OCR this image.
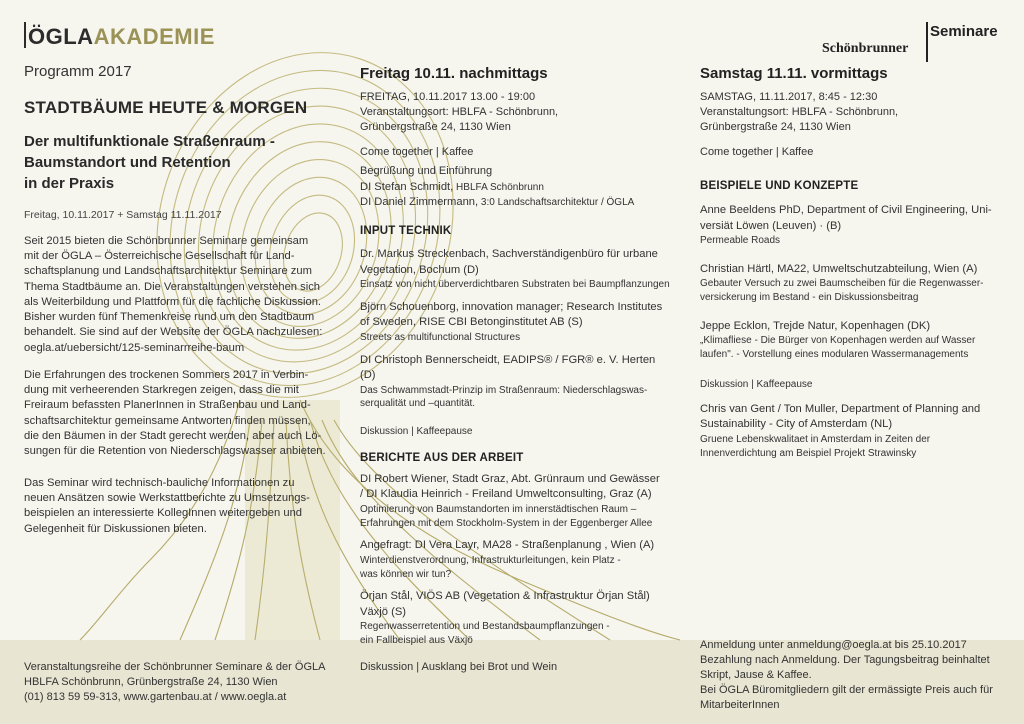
ÖGLAAKADEMIE
Programm 2017
STADTBÄUME HEUTE & MORGEN
Der multifunktionale Straßenraum -
Baumstandort und Retention
in der Praxis
Freitag, 10.11.2017 + Samstag 11.11.2017
Seit 2015 bieten die Schönbrunner Seminare gemeinsam
mit der ÖGLA – Österreichische Gesellschaft für Land-
schaftsplanung und Landschaftsarchitektur Seminare zum
Thema Stadtbäume an. Die Veranstaltungen verstehen sich
als Weiterbildung und Plattform für die fachliche Diskussion.
Bisher wurden fünf Themenkreise rund um den Stadtbaum
behandelt. Sie sind auf der Website der ÖGLA nachzulesen:
oegla.at/uebersicht/125-seminarrreihe-baum
Die Erfahrungen des trockenen Sommers 2017 in Verbin-
dung mit verheerenden Starkregen zeigen, dass die mit
Freiraum befassten PlanerInnen in Straßenbau und Land-
schaftsarchitektur gemeinsame Antworten finden müssen,
die den Bäumen in der Stadt gerecht werden, aber auch Lö-
sungen für die Retention von Niederschlagswasser anbieten.
Das Seminar wird technisch-bauliche Informationen zu
neuen Ansätzen sowie Werkstattberichte zu Umsetzungs-
beispielen an interessierte KollegInnen weitergeben und
Gelegenheit für Diskussionen bieten.
Veranstaltungsreihe der Schönbrunner Seminare & der ÖGLA
HBLFA Schönbrunn, Grünbergstraße 24, 1130 Wien
(01) 813 59 59-313, www.gartenbau.at / www.oegla.at
Freitag 10.11. nachmittags
FREITAG, 10.11.2017 13.00 - 19:00
Veranstaltungsort: HBLFA - Schönbrunn,
Grünbergstraße 24, 1130 Wien
Come together | Kaffee
Begrüßung und Einführung
DI Stefan Schmidt, HBLFA Schönbrunn
DI Daniel Zimmermann, 3:0 Landschaftsarchitektur / ÖGLA
INPUT TECHNIK
Dr. Markus Streckenbach, Sachverständigenbüro für urbane
Vegetation, Bochum (D)
Einsatz von nicht überverdichtbaren Substraten bei Baumpflanzungen
Björn Schouenborg, innovation manager; Research Institutes
of Sweden, RISE CBI Betonginstitutet AB (S)
Streets as multifunctional Structures
DI Christoph Bennerscheidt, EADIPS® / FGR® e. V. Herten (D)
Das Schwammstadt-Prinzip im Straßenraum: Niederschlagswas-
serqualität und –quantität.
Diskussion | Kaffeepause
BERICHTE AUS DER ARBEIT
DI Robert Wiener, Stadt Graz, Abt. Grünraum und Gewässer
/ DI Klaudia Heinrich - Freiland Umweltconsulting, Graz (A)
Optimierung von Baumstandorten im innerstädtischen Raum –
Erfahrungen mit dem Stockholm-System in der Eggenberger Allee
Angefragt: DI Vera Layr, MA28 - Straßenplanung , Wien (A)
Winterdienstverordnung, Infrastrukturleitungen, kein Platz -
was können wir tun?
Örjan Stål, VIÖS AB (Vegetation & Infrastruktur Örjan Stål)
Växjö (S)
Regenwasserretention und Bestandsbaumpflanzungen -
ein Fallbeispiel aus Växjö
Diskussion | Ausklang bei Brot und Wein
Seminare
Schönbrunner
Samstag 11.11. vormittags
SAMSTAG, 11.11.2017, 8:45 - 12:30
Veranstaltungsort: HBLFA - Schönbrunn,
Grünbergstraße 24, 1130 Wien
Come together | Kaffee
BEISPIELE UND KONZEPTE
Anne Beeldens PhD, Department of Civil Engineering, Uni-
versiät Löwen (Leuven) · (B)
Permeable Roads
Christian Härtl, MA22, Umweltschutzabteilung, Wien (A)
Gebauter Versuch zu zwei Baumscheiben für die Regenwasser-
versickerung im Bestand - ein Diskussionsbeitrag
Jeppe Ecklon, Trejde Natur, Kopenhagen (DK)
„Klimafliese - Die Bürger von Kopenhagen werden auf Wasser
laufen". - Vorstellung eines modularen Wassermanagements
Diskussion | Kaffeepause
Chris van Gent / Ton Muller, Department of Planning and
Sustainability - City of Amsterdam (NL)
Gruene Lebenskwalitaet in Amsterdam in Zeiten der
Innenverdichtung am Beispiel Projekt Strawinsky
Anmeldung unter anmeldung@oegla.at bis 25.10.2017
Bezahlung nach Anmeldung. Der Tagungsbeitrag beinhaltet
Skript, Jause & Kaffee.
Bei ÖGLA Büromitgliedern gilt der ermässigte Preis auch für
MitarbeiterInnen
